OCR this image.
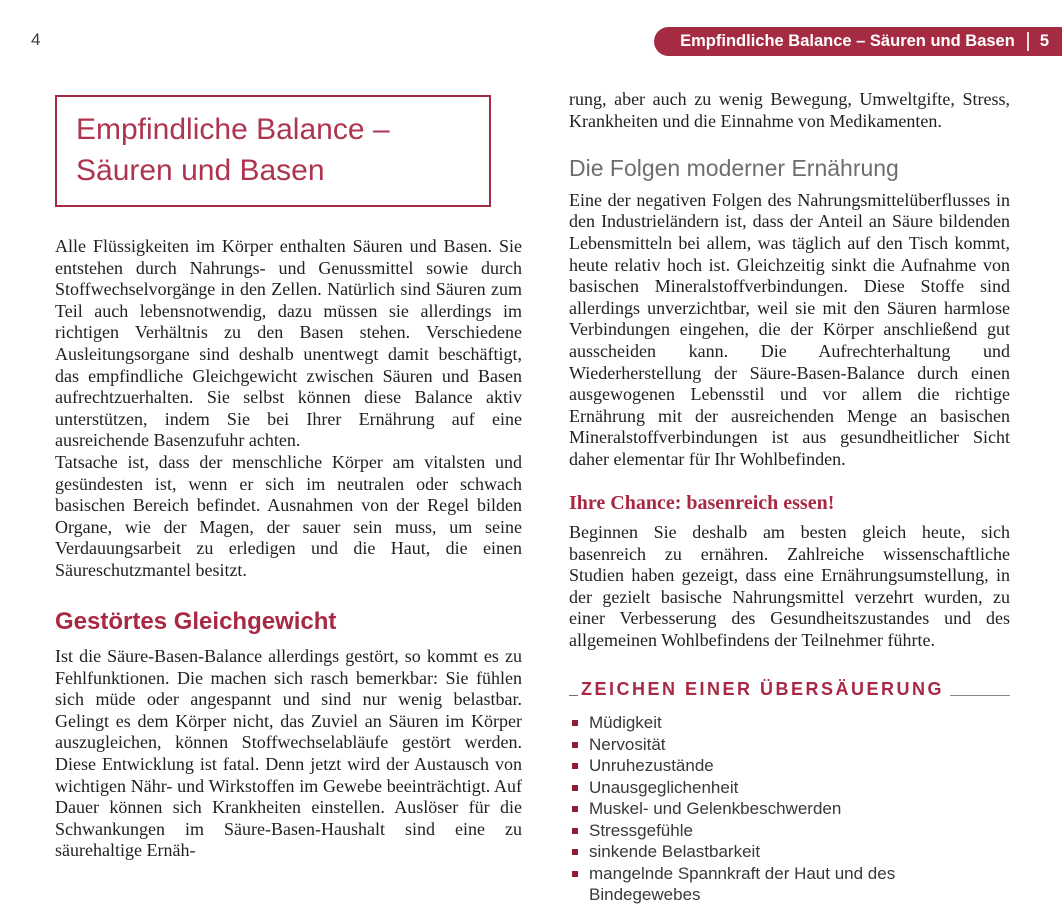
4	Empfindliche Balance – Säuren und Basen 5
Empfindliche Balance – Säuren und Basen

Alle Flüssigkeiten im Körper enthalten Säuren und Basen. Sie entstehen durch Nahrungs- und Genussmittel sowie durch Stoffwechselvorgänge in den Zellen. Natürlich sind Säuren zum Teil auch lebensnotwendig, dazu müssen sie allerdings im richtigen Verhältnis zu den Basen stehen. Verschiedene Ausleitungsorgane sind deshalb unentwegt damit beschäftigt, das empfindliche Gleichgewicht zwischen Säuren und Basen aufrechtzuerhalten. Sie selbst können diese Balance aktiv unterstützen, indem Sie bei Ihrer Ernährung auf eine ausreichende Basenzufuhr achten.

Tatsache ist, dass der menschliche Körper am vitalsten und gesündesten ist, wenn er sich im neutralen oder schwach basischen Bereich befindet. Ausnahmen von der Regel bilden Organe, wie der Magen, der sauer sein muss, um seine Verdauungsarbeit zu erledigen und die Haut, die einen Säureschutzmantel besitzt.

Gestörtes Gleichgewicht

Ist die Säure-Basen-Balance allerdings gestört, so kommt es zu Fehlfunktionen. Die machen sich rasch bemerkbar: Sie fühlen sich müde oder angespannt und sind nur wenig belastbar. Gelingt es dem Körper nicht, das Zuviel an Säuren im Körper auszugleichen, können Stoffwechselabläufe gestört werden. Diese Entwicklung ist fatal. Denn jetzt wird der Austausch von wichtigen Nähr- und Wirkstoffen im Gewebe beeinträchtigt. Auf Dauer können sich Krankheiten einstellen. Auslöser für die Schwankungen im Säure-Basen-Haushalt sind eine zu säurehaltige Ernäh-

rung, aber auch zu wenig Bewegung, Umweltgifte, Stress, Krankheiten und die Einnahme von Medikamenten.

Die Folgen moderner Ernährung

Eine der negativen Folgen des Nahrungsmittelüberflusses in den Industrieländern ist, dass der Anteil an Säure bildenden Lebensmitteln bei allem, was täglich auf den Tisch kommt, heute relativ hoch ist. Gleichzeitig sinkt die Aufnahme von basischen Mineralstoffverbindungen. Diese Stoffe sind allerdings unverzichtbar, weil sie mit den Säuren harmlose Verbindungen eingehen, die der Körper anschließend gut ausscheiden kann. Die Aufrechterhaltung und Wiederherstellung der Säure-Basen-Balance durch einen ausgewogenen Lebensstil und vor allem die richtige Ernährung mit der ausreichenden Menge an basischen Mineralstoffverbindungen ist aus gesundheitlicher Sicht daher elementar für Ihr Wohlbefinden.

Ihre Chance: basenreich essen!

Beginnen Sie deshalb am besten gleich heute, sich basenreich zu ernähren. Zahlreiche wissenschaftliche Studien haben gezeigt, dass eine Ernährungsumstellung, in der gezielt basische Nahrungsmittel verzehrt wurden, zu einer Verbesserung des Gesundheitszustandes und des allgemeinen Wohlbefindens der Teilnehmer führte.

ZEICHEN EINER ÜBERSÄUERUNG
Müdigkeit
Nervosität
Unruhezustände
Unausgeglichenheit
Muskel- und Gelenkbeschwerden
Stressgefühle
sinkende Belastbarkeit
mangelnde Spannkraft der Haut und des Bindegewebes
